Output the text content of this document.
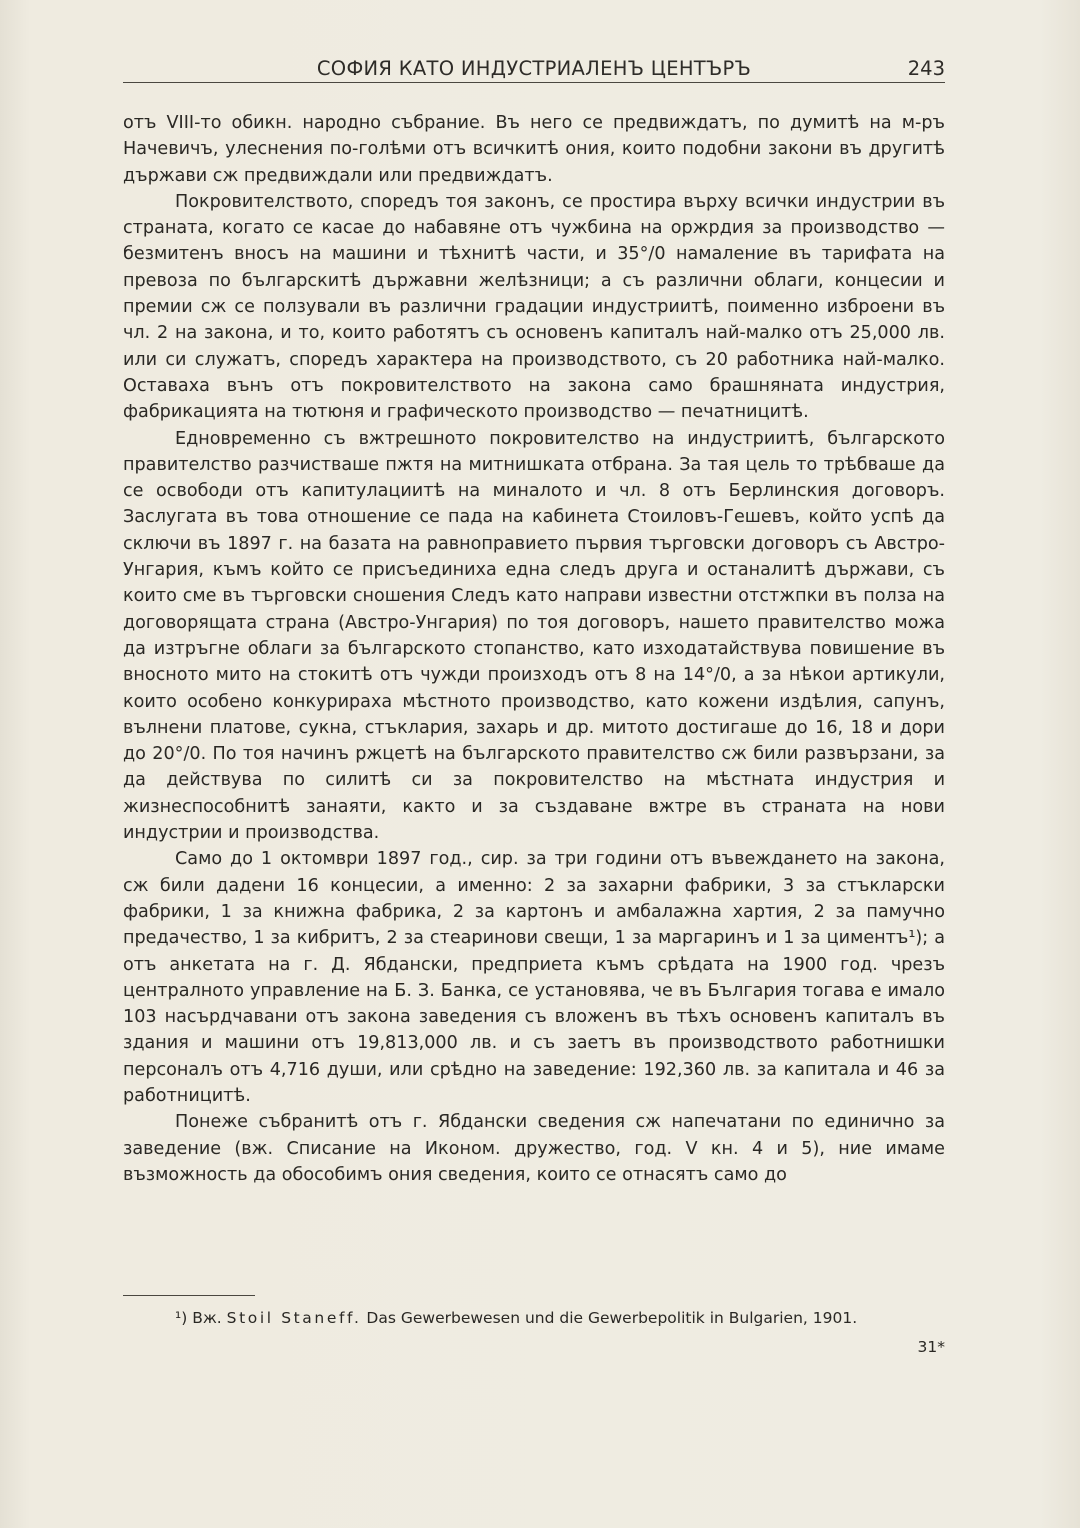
СОФИЯ КАТО ИНДУСТРИАЛЕНЪ ЦЕНТЪРЪ	243

отъ VIII-то обикн. народно събрание. Въ него се предвиждатъ, по думитѣ на м-ръ Начевичъ, улеснения по-голѣми отъ всичкитѣ ония, които подобни закони въ другитѣ държави сж предвиждали или предвиждатъ.

Покровителството, споредъ тоя законъ, се простира върху всички индустрии въ страната, когато се касае до набавяне отъ чужбина на оржрдия за производство — безмитенъ вносъ на машини и тѣхнитѣ части, и 35°/0 намаление въ тарифата на превоза по българскитѣ държавни желѣзници; а съ различни облаги, концесии и премии сж се ползували въ различни градации индустриитѣ, поименно изброени въ чл. 2 на закона, и то, които работятъ съ основенъ капиталъ най-малко отъ 25,000 лв. или си служатъ, споредъ характера на производството, съ 20 работника най-малко. Оставаха вънъ отъ покровителството на закона само брашняната индустрия, фабрикацията на тютюня и графическото производство — печатницитѣ.

Едновременно съ вжтрешното покровителство на индустриитѣ, българското правителство разчистваше пжтя на митнишката отбрана. За тая цель то трѣбваше да се освободи отъ капитулациитѣ на миналото и чл. 8 отъ Берлинския договоръ. Заслугата въ това отношение се пада на кабинета Стоиловъ-Гешевъ, който успѣ да сключи въ 1897 г. на базата на равноправието първия търговски договоръ съ Австро-Унгария, къмъ който се присъединиха една следъ друга и останалитѣ държави, съ които сме въ търговски сношения Следъ като направи известни отстжпки въ полза на договорящата страна (Австро-Унгария) по тоя договоръ, нашето правителство можа да изтръгне облаги за българското стопанство, като изходатайствува повишение въ вносното мито на стокитѣ отъ чужди произходъ отъ 8 на 14°/0, а за нѣкои артикули, които особено конкурираха мѣстното производство, като кожени издѣлия, сапунъ, вълнени платове, сукна, стъклария, захарь и др. митото достигаше до 16, 18 и дори до 20°/0. По тоя начинъ ржцетѣ на българското правителство сж били развързани, за да действува по силитѣ си за покровителство на мѣстната индустрия и жизнеспособнитѣ занаяти, както и за създаване вжтре въ страната на нови индустрии и производства.

Само до 1 октомври 1897 год., сир. за три години отъ въвеждането на закона, сж били дадени 16 концесии, а именно: 2 за захарни фабрики, 3 за стъкларски фабрики, 1 за книжна фабрика, 2 за картонъ и амбалажна хартия, 2 за памучно предачество, 1 за кибритъ, 2 за стеаринови свещи, 1 за маргаринъ и 1 за циментъ¹); а отъ анкетата на г. Д. Ябдански, предприета къмъ срѣдата на 1900 год. чрезъ централното управление на Б. З. Банка, се установява, че въ България тогава е имало 103 насърдчавани отъ закона заведения съ вложенъ въ тѣхъ основенъ капиталъ въ здания и машини отъ 19,813,000 лв. и съ заетъ въ производството работнишки персоналъ отъ 4,716 души, или срѣдно на заведение: 192,360 лв. за капитала и 46 за работницитѣ.

Понеже събранитѣ отъ г. Ябдански сведения сж напечатани по единично за заведение (вж. Списание на Иконом. дружество, год. V кн. 4 и 5), ние имаме възможность да обособимъ ония сведения, които се отнасятъ само до

¹) Вж. Stoil Staneff. Das Gewerbewesen und die Gewerbepolitik in Bulgarien, 1901.
31*
